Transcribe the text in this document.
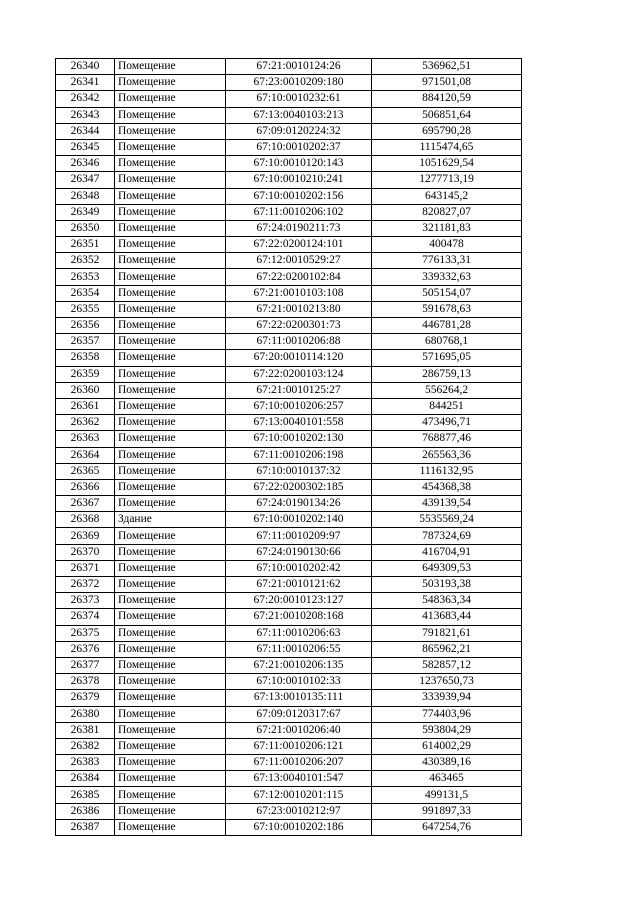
26340	Помещение	67:21:0010124:26	536962,51
26341	Помещение	67:23:0010209:180	971501,08
26342	Помещение	67:10:0010232:61	884120,59
26343	Помещение	67:13:0040103:213	506851,64
26344	Помещение	67:09:0120224:32	695790,28
26345	Помещение	67:10:0010202:37	1115474,65
26346	Помещение	67:10:0010120:143	1051629,54
26347	Помещение	67:10:0010210:241	1277713,19
26348	Помещение	67:10:0010202:156	643145,2
26349	Помещение	67:11:0010206:102	820827,07
26350	Помещение	67:24:0190211:73	321181,83
26351	Помещение	67:22:0200124:101	400478
26352	Помещение	67:12:0010529:27	776133,31
26353	Помещение	67:22:0200102:84	339332,63
26354	Помещение	67:21:0010103:108	505154,07
26355	Помещение	67:21:0010213:80	591678,63
26356	Помещение	67:22:0200301:73	446781,28
26357	Помещение	67:11:0010206:88	680768,1
26358	Помещение	67:20:0010114:120	571695,05
26359	Помещение	67:22:0200103:124	286759,13
26360	Помещение	67:21:0010125:27	556264,2
26361	Помещение	67:10:0010206:257	844251
26362	Помещение	67:13:0040101:558	473496,71
26363	Помещение	67:10:0010202:130	768877,46
26364	Помещение	67:11:0010206:198	265563,36
26365	Помещение	67:10:0010137:32	1116132,95
26366	Помещение	67:22:0200302:185	454368,38
26367	Помещение	67:24:0190134:26	439139,54
26368	Здание	67:10:0010202:140	5535569,24
26369	Помещение	67:11:0010209:97	787324,69
26370	Помещение	67:24:0190130:66	416704,91
26371	Помещение	67:10:0010202:42	649309,53
26372	Помещение	67:21:0010121:62	503193,38
26373	Помещение	67:20:0010123:127	548363,34
26374	Помещение	67:21:0010208:168	413683,44
26375	Помещение	67:11:0010206:63	791821,61
26376	Помещение	67:11:0010206:55	865962,21
26377	Помещение	67:21:0010206:135	582857,12
26378	Помещение	67:10:0010102:33	1237650,73
26379	Помещение	67:13:0010135:111	333939,94
26380	Помещение	67:09:0120317:67	774403,96
26381	Помещение	67:21:0010206:40	593804,29
26382	Помещение	67:11:0010206:121	614002,29
26383	Помещение	67:11:0010206:207	430389,16
26384	Помещение	67:13:0040101:547	463465
26385	Помещение	67:12:0010201:115	499131,5
26386	Помещение	67:23:0010212:97	991897,33
26387	Помещение	67:10:0010202:186	647254,76
